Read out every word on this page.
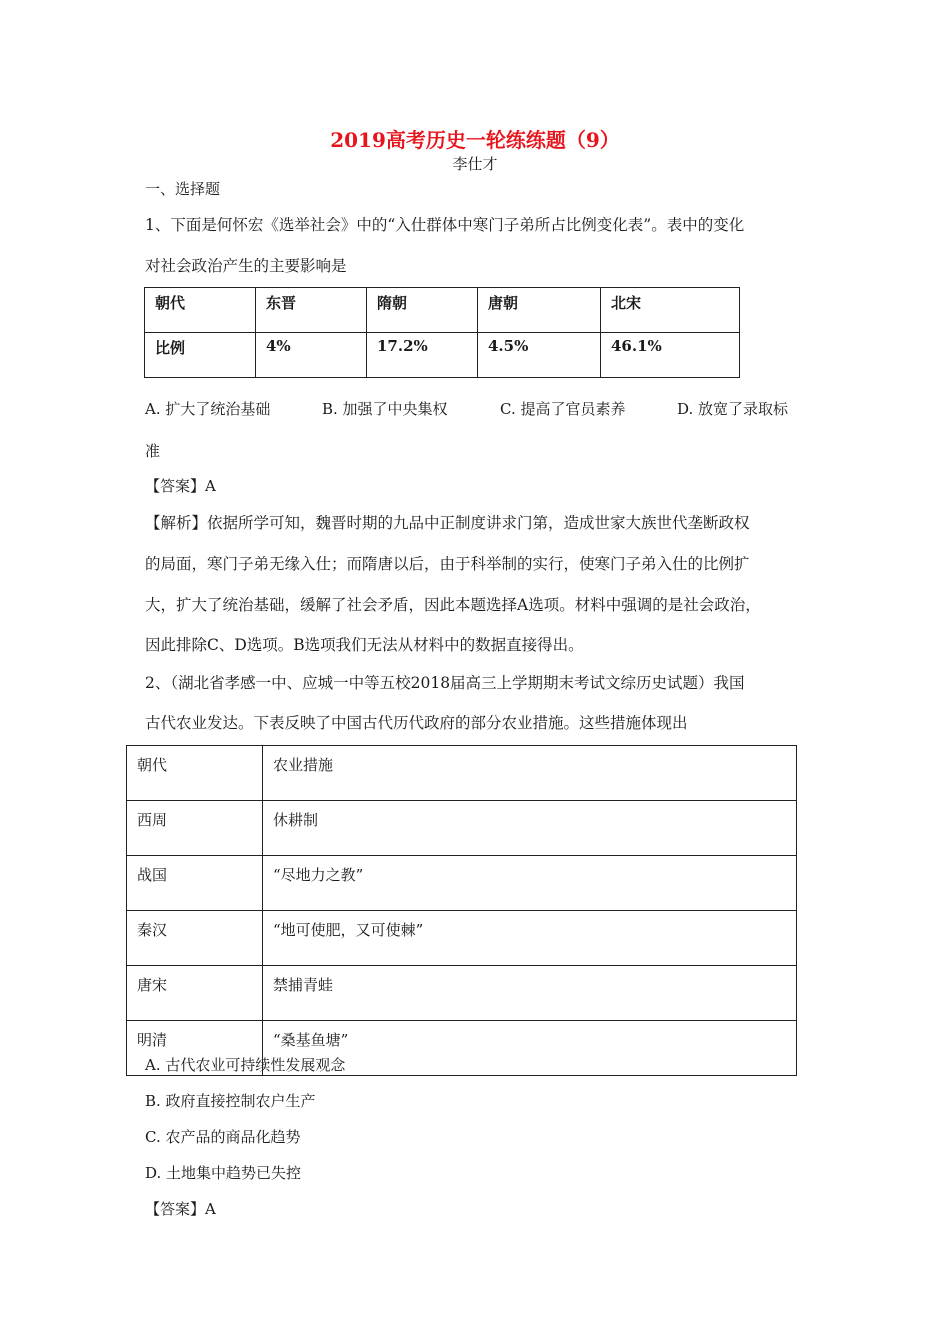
2019高考历史一轮练练题（9）
李仕才
一、选择题
1、下面是何怀宏《选举社会》中的“入仕群体中寒门子弟所占比例变化表”。表中的变化
对社会政治产生的主要影响是
朝代	东晋	隋朝	唐朝	北宋
比例	4%	17.2%	4.5%	46.1%
A. 扩大了统治基础	B. 加强了中央集权	C. 提高了官员素养	D. 放宽了录取标
准
【答案】A
【解析】依据所学可知，魏晋时期的九品中正制度讲求门第，造成世家大族世代垄断政权
的局面，寒门子弟无缘入仕；而隋唐以后，由于科举制的实行，使寒门子弟入仕的比例扩
大，扩大了统治基础，缓解了社会矛盾，因此本题选择A选项。材料中强调的是社会政治，
因此排除C、D选项。B选项我们无法从材料中的数据直接得出。
2、（湖北省孝感一中、应城一中等五校2018届高三上学期期末考试文综历史试题）我国
古代农业发达。下表反映了中国古代历代政府的部分农业措施。这些措施体现出
朝代	农业措施
西周	休耕制
战国	“尽地力之教”
秦汉	“地可使肥，又可使棘”
唐宋	禁捕青蛙
明清	“桑基鱼塘”
A. 古代农业可持续性发展观念
B. 政府直接控制农户生产
C. 农产品的商品化趋势
D. 土地集中趋势已失控
【答案】A
